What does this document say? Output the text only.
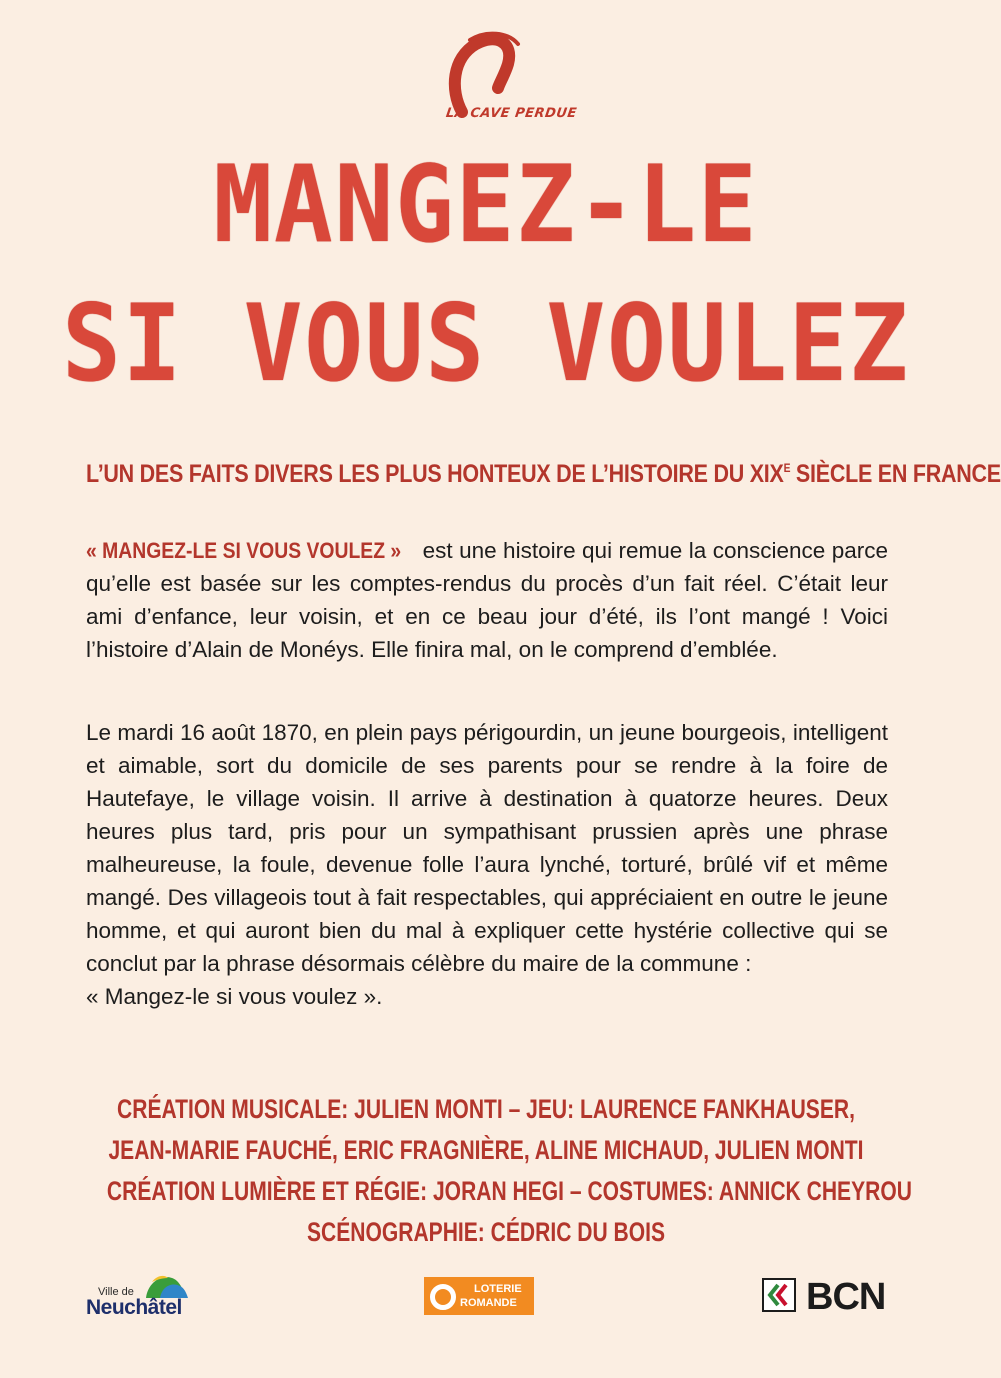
LA CAVE PERDUE
MANGEZ-LE
SI VOUS VOULEZ
L’UN DES FAITS DIVERS LES PLUS HONTEUX DE L’HISTOIRE DU $XIX^E$ SIÈCLE EN FRANCE
« MANGEZ-LE SI VOUS VOULEZ » est une histoire qui remue la conscience parce qu’elle est basée sur les comptes-rendus du procès d’un fait réel. C’était leur ami d’enfance, leur voisin, et en ce beau jour d’été, ils l’ont mangé ! Voici l’histoire d’Alain de Monéys. Elle finira mal, on le comprend d’emblée.
Le mardi 16 août 1870, en plein pays périgourdin, un jeune bourgeois, intelligent et aimable, sort du domicile de ses parents pour se rendre à la foire de Hautefaye, le village voisin. Il arrive à destination à quatorze heures. Deux heures plus tard, pris pour un sympathisant prussien après une phrase malheureuse, la foule, devenue folle l’aura lynché, torturé, brûlé vif et même mangé. Des villageois tout à fait respectables, qui appréciaient en outre le jeune homme, et qui auront bien du mal à expliquer cette hystérie collective qui se conclut par la phrase désormais célèbre du maire de la commune :
« Mangez-le si vous voulez ».
CRÉATION MUSICALE: JULIEN MONTI – JEU: LAURENCE FANKHAUSER,
JEAN-MARIE FAUCHÉ, ERIC FRAGNIÈRE, ALINE MICHAUD, JULIEN MONTI
CRÉATION LUMIÈRE ET RÉGIE: JORAN HEGI – COSTUMES: ANNICK CHEYROU
SCÉNOGRAPHIE: CÉDRIC DU BOIS
Ville de
Neuchâtel
LOTERIE
ROMANDE	BCN
